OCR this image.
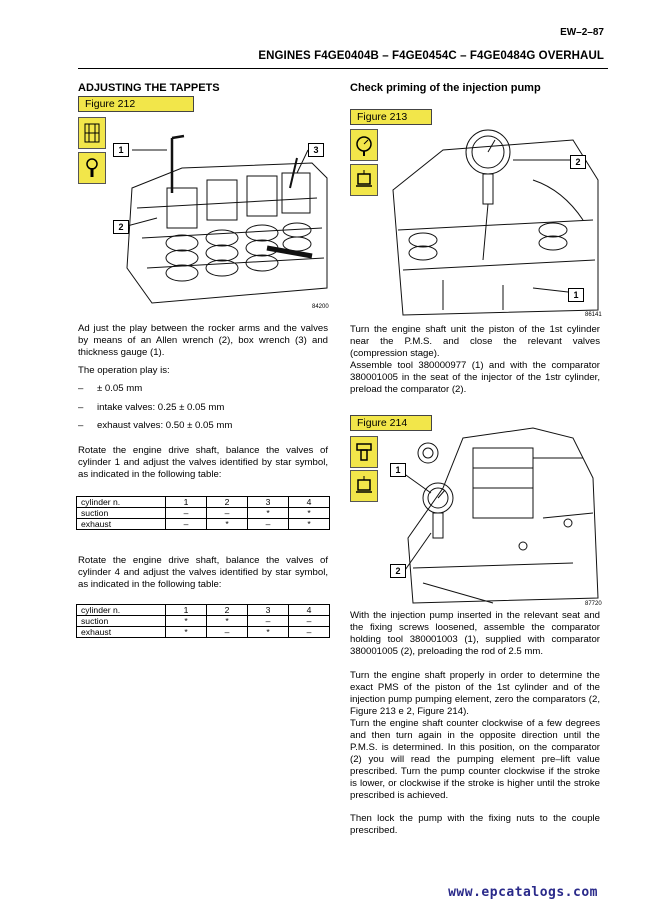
EW–2–87
ENGINES F4GE0404B – F4GE0454C – F4GE0484G OVERHAUL
ADJUSTING THE TAPPETS
Figure 212
1
2
3
84200
Ad just the play between the rocker arms and the valves by means of an Allen wrench (2), box wrench (3) and thickness gauge (1).
The operation play is:
– ± 0.05 mm
– intake valves: 0.25 ± 0.05 mm
– exhaust valves: 0.50 ± 0.05 mm
Rotate the engine drive shaft, balance the valves of cylinder 1 and adjust the valves identified by star symbol, as indicated in the following table:
cylinder n.	1	2	3	4
suction	–	–	*	*
exhaust	–	*	–	*
Rotate the engine drive shaft, balance the valves of cylinder 4 and adjust the valves identified by star symbol, as indicated in the following table:
cylinder n.	1	2	3	4
suction	*	*	–	–
exhaust	*	–	*	–
Check priming of the injection pump
Figure 213
2
1
86141
Turn the engine shaft unit the piston of the 1st cylinder near the P.M.S. and close the relevant valves (compression stage).
Assemble tool 380000977 (1) and with the comparator 380001005 in the seat of the injector of the 1str cylinder, preload the comparator (2).
Figure 214
1
2
87720
With the injection pump inserted in the relevant seat and the fixing screws loosened, assemble the comparator holding tool 380001003 (1), supplied with comparator 380001005 (2), preloading the rod of 2.5 mm.
Turn the engine shaft properly in order to determine the exact PMS of the piston of the 1st cylinder and of the injection pump pumping element, zero the comparators (2, Figure 213 e 2, Figure 214).
Turn the engine shaft counter clockwise of a few degrees and then turn again in the opposite direction until the P.M.S. is determined. In this position, on the comparator (2) you will read the pumping element pre–lift value prescribed. Turn the pump counter clockwise if the stroke is lower, or clockwise if the stroke is higher until the stroke prescribed is achieved.
Then lock the pump with the fixing nuts to the couple prescribed.
www.epcatalogs.com
